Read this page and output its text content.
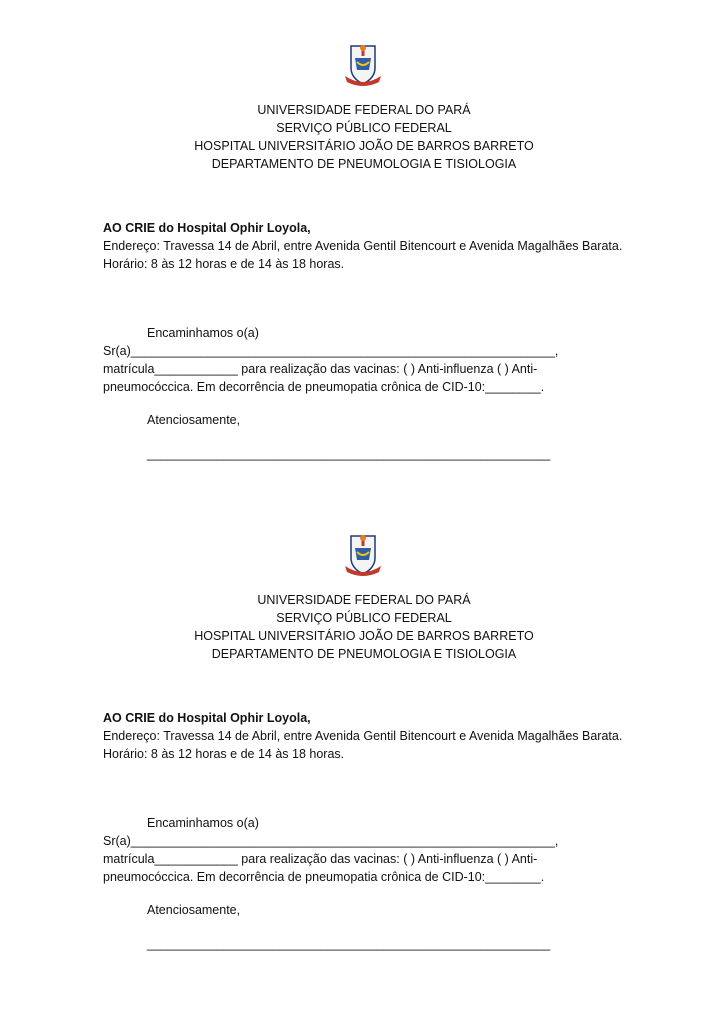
UNIVERSIDADE FEDERAL DO PARÁ
SERVIÇO PÚBLICO FEDERAL
HOSPITAL UNIVERSITÁRIO JOÃO DE BARROS BARRETO
DEPARTAMENTO DE PNEUMOLOGIA E TISIOLOGIA
AO CRIE do Hospital Ophir Loyola,
Endereço: Travessa 14 de Abril, entre Avenida Gentil Bitencourt e Avenida Magalhães Barata.
Horário: 8 às 12 horas e de 14 às 18 horas.
Encaminhamos o(a)
Sr(a)_____________________________________________________________,
matrícula____________ para realização das vacinas: ( ) Anti-influenza ( ) Anti-
pneumocóccica. Em decorrência de pneumopatia crônica de CID-10:________.
Atenciosamente,
__________________________________________________________
UNIVERSIDADE FEDERAL DO PARÁ
SERVIÇO PÚBLICO FEDERAL
HOSPITAL UNIVERSITÁRIO JOÃO DE BARROS BARRETO
DEPARTAMENTO DE PNEUMOLOGIA E TISIOLOGIA
AO CRIE do Hospital Ophir Loyola,
Endereço: Travessa 14 de Abril, entre Avenida Gentil Bitencourt e Avenida Magalhães Barata.
Horário: 8 às 12 horas e de 14 às 18 horas.
Encaminhamos o(a)
Sr(a)_____________________________________________________________,
matrícula____________ para realização das vacinas: ( ) Anti-influenza ( ) Anti-
pneumocóccica. Em decorrência de pneumopatia crônica de CID-10:________.
Atenciosamente,
__________________________________________________________
